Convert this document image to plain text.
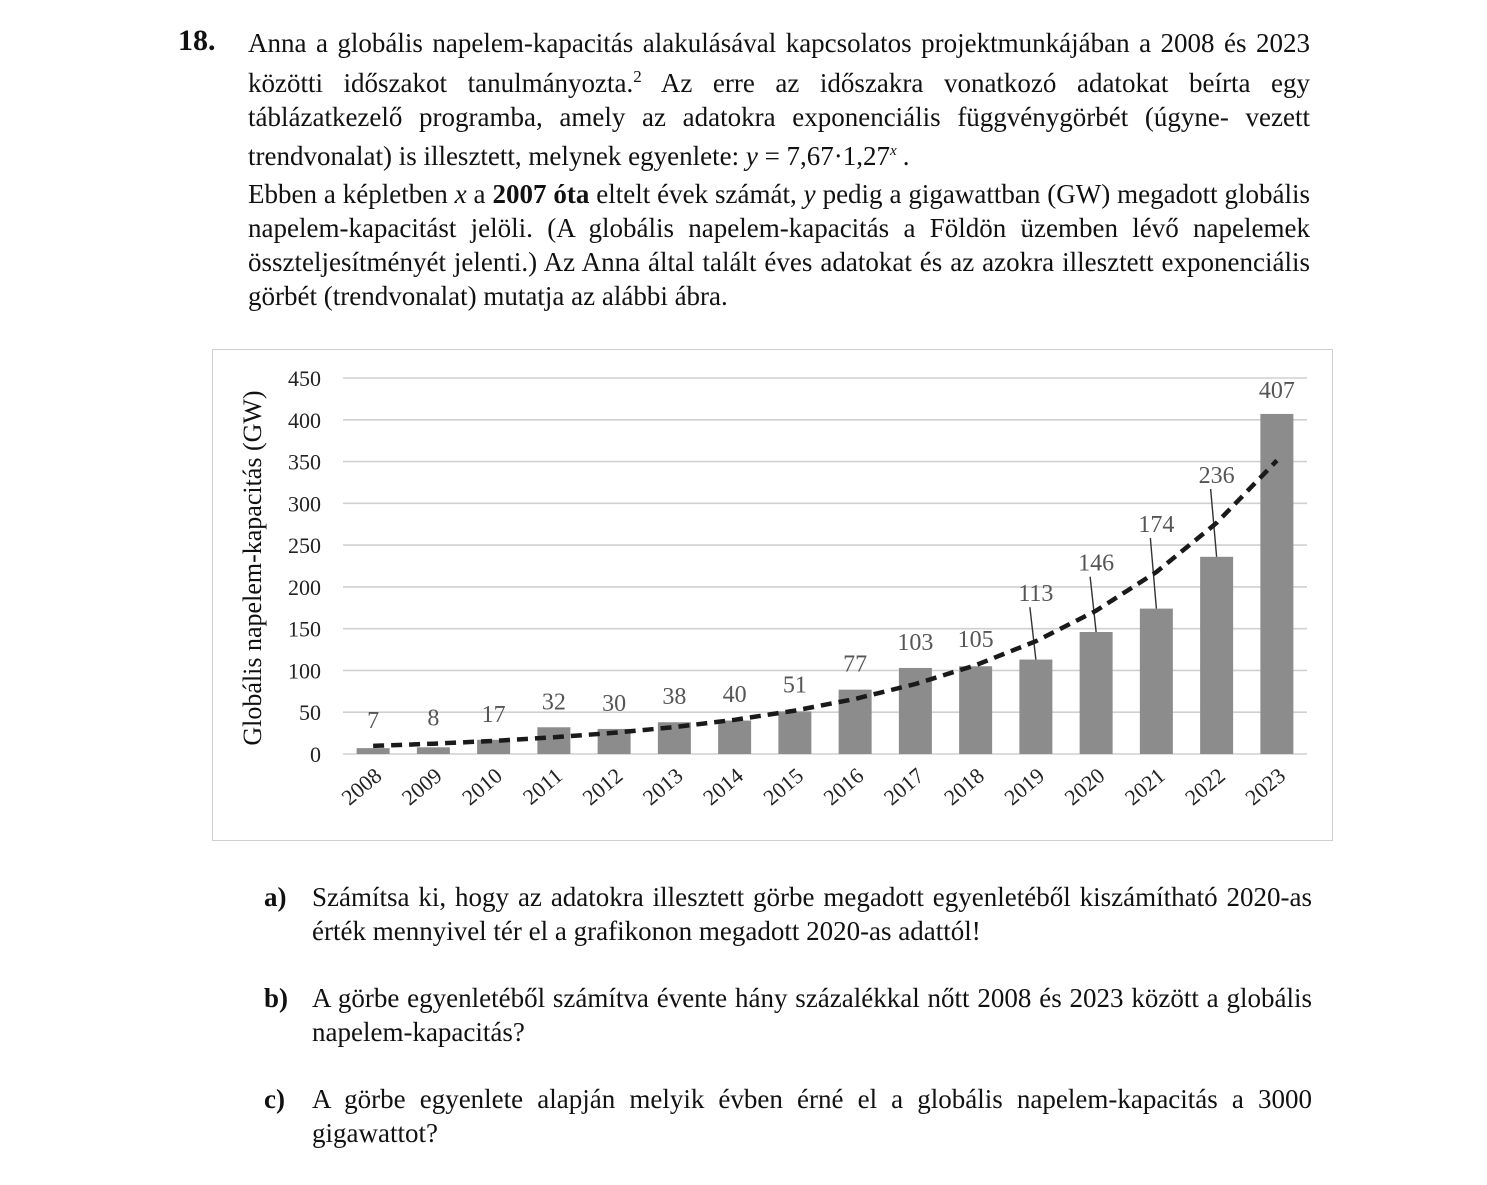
18. Anna a globális napelem-kapacitás alakulásával kapcsolatos projektmunkájában a 2008 és 2023 közötti időszakot tanulmányozta.$^2$ Az erre az időszakra vonatkozó adatokat beírta egy táblázatkezelő programba, amely az adatokra exponenciális függvénygörbét (úgyne- vezett trendvonalat) is illesztett, melynek egyenlete: $y = 7,67\cdot 1,27^x$ .

Ebben a képletben x a 2007 óta eltelt évek számát, y pedig a gigawattban (GW) megadott globális napelem-kapacitást jelöli. (A globális napelem-kapacitás a Földön üzemben lévő napelemek összteljesítményét jelenti.) Az Anna által talált éves adatokat és az azokra illesztett exponenciális görbét (trendvonalat) mutatja az alábbi ábra.

7 8 17 32 30 38 40 51
77
103 105
113
146
174
236
407
0
50
100
150
200
250
300
350
400
450
2008 2009 2010 2011 2012 2013 2014 2015 2016 2017 2018 2019 2020 2021 2022 2023
Globális napelem-kapacitás (GW)
a) Számítsa ki, hogy az adatokra illesztett görbe megadott egyenletéből kiszámítható 2020-as érték mennyivel tér el a grafikonon megadott 2020-as adattól!
b) A görbe egyenletéből számítva évente hány százalékkal nőtt 2008 és 2023 között a globális napelem-kapacitás?
c) A görbe egyenlete alapján melyik évben érné el a globális napelem-kapacitás a 3000 gigawattot?
